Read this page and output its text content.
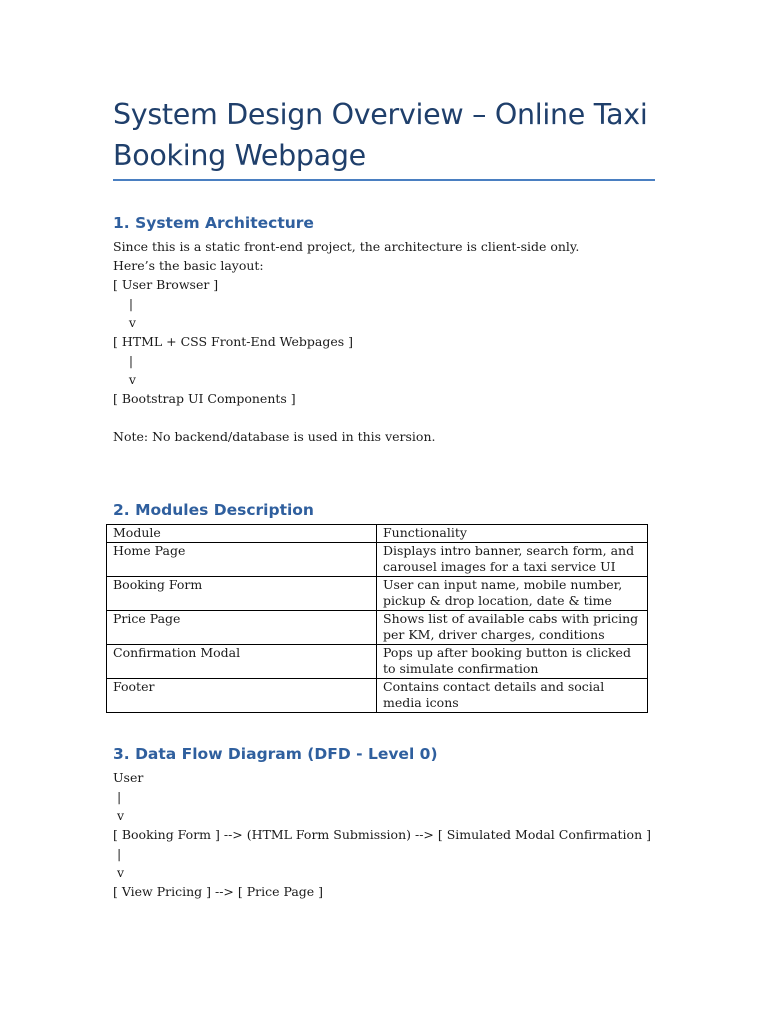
System Design Overview – Online Taxi Booking Webpage
1. System Architecture
Since this is a static front-end project, the architecture is client-side only.
Here’s the basic layout:
[ User Browser ]
|
v
[ HTML + CSS Front-End Webpages ]
|
v
[ Bootstrap UI Components ]
Note: No backend/database is used in this version.
2. Modules Description
Module	Functionality
Home Page	Displays intro banner, search form, and carousel images for a taxi service UI
Booking Form	User can input name, mobile number, pickup & drop location, date & time
Price Page	Shows list of available cabs with pricing per KM, driver charges, conditions
Confirmation Modal	Pops up after booking button is clicked to simulate confirmation
Footer	Contains contact details and social media icons
3. Data Flow Diagram (DFD - Level 0)
User
|
v
[ Booking Form ] --> (HTML Form Submission) --> [ Simulated Modal Confirmation ]
|
v
[ View Pricing ] --> [ Price Page ]
